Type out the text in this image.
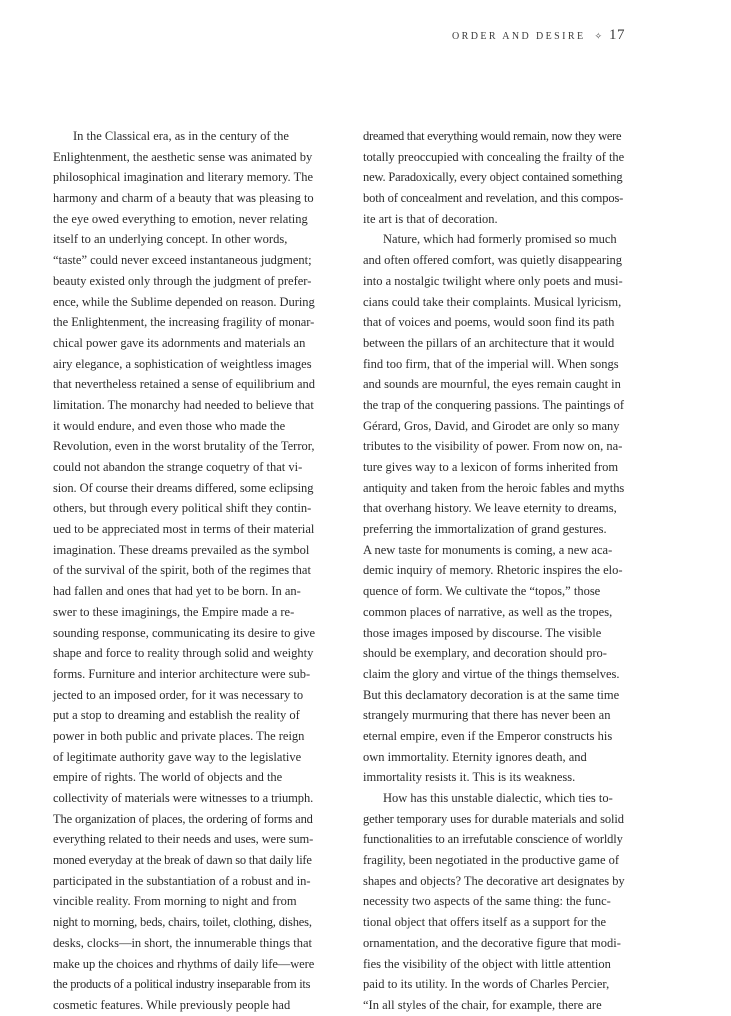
ORDER AND DESIRE ✧ 17
In the Classical era, as in the century of the
Enlightenment, the aesthetic sense was animated by
philosophical imagination and literary memory. The
harmony and charm of a beauty that was pleasing to
the eye owed everything to emotion, never relating
itself to an underlying concept. In other words,
“taste” could never exceed instantaneous judgment;
beauty existed only through the judgment of prefer-
ence, while the Sublime depended on reason. During
the Enlightenment, the increasing fragility of monar-
chical power gave its adornments and materials an
airy elegance, a sophistication of weightless images
that nevertheless retained a sense of equilibrium and
limitation. The monarchy had needed to believe that
it would endure, and even those who made the
Revolution, even in the worst brutality of the Terror,
could not abandon the strange coquetry of that vi-
sion. Of course their dreams differed, some eclipsing
others, but through every political shift they contin-
ued to be appreciated most in terms of their material
imagination. These dreams prevailed as the symbol
of the survival of the spirit, both of the regimes that
had fallen and ones that had yet to be born. In an-
swer to these imaginings, the Empire made a re-
sounding response, communicating its desire to give
shape and force to reality through solid and weighty
forms. Furniture and interior architecture were sub-
jected to an imposed order, for it was necessary to
put a stop to dreaming and establish the reality of
power in both public and private places. The reign
of legitimate authority gave way to the legislative
empire of rights. The world of objects and the
collectivity of materials were witnesses to a triumph.
The organization of places, the ordering of forms and
everything related to their needs and uses, were sum-
moned everyday at the break of dawn so that daily life
participated in the substantiation of a robust and in-
vincible reality. From morning to night and from
night to morning, beds, chairs, toilet, clothing, dishes,
desks, clocks—in short, the innumerable things that
make up the choices and rhythms of daily life—were
the products of a political industry inseparable from its
cosmetic features. While previously people had
dreamed that everything would remain, now they were
totally preoccupied with concealing the frailty of the
new. Paradoxically, every object contained something
both of concealment and revelation, and this compos-
ite art is that of decoration.
Nature, which had formerly promised so much
and often offered comfort, was quietly disappearing
into a nostalgic twilight where only poets and musi-
cians could take their complaints. Musical lyricism,
that of voices and poems, would soon find its path
between the pillars of an architecture that it would
find too firm, that of the imperial will. When songs
and sounds are mournful, the eyes remain caught in
the trap of the conquering passions. The paintings of
Gérard, Gros, David, and Girodet are only so many
tributes to the visibility of power. From now on, na-
ture gives way to a lexicon of forms inherited from
antiquity and taken from the heroic fables and myths
that overhang history. We leave eternity to dreams,
preferring the immortalization of grand gestures.
A new taste for monuments is coming, a new aca-
demic inquiry of memory. Rhetoric inspires the elo-
quence of form. We cultivate the “topos,” those
common places of narrative, as well as the tropes,
those images imposed by discourse. The visible
should be exemplary, and decoration should pro-
claim the glory and virtue of the things themselves.
But this declamatory decoration is at the same time
strangely murmuring that there has never been an
eternal empire, even if the Emperor constructs his
own immortality. Eternity ignores death, and
immortality resists it. This is its weakness.
How has this unstable dialectic, which ties to-
gether temporary uses for durable materials and solid
functionalities to an irrefutable conscience of worldly
fragility, been negotiated in the productive game of
shapes and objects? The decorative art designates by
necessity two aspects of the same thing: the func-
tional object that offers itself as a support for the
ornamentation, and the decorative figure that modi-
fies the visibility of the object with little attention
paid to its utility. In the words of Charles Percier,
“In all styles of the chair, for example, there are
